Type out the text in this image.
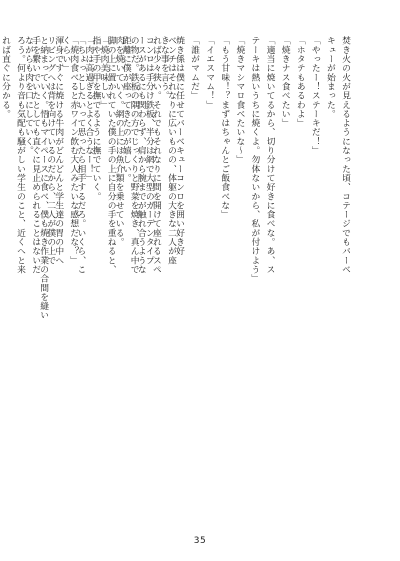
焚き火の火が見えるようになった頃、コテージでもバーベ
キューが始まった。
「やったー！ステーキだ！」
「ホタテもあるわよ」
「焼きナス食べたい」
「適当に焼いてるから、切り分けて好きに食べな。あ、ス
テーキは熱いうちに焼くよ。勿体ないから、私が付けよう」
「焼きマシマロ食べたいな～」
「もう甘味！？まずはちゃんとご飯食べな」
「イエスマム！」
「誰がマムだ」
焼き係は僕に任せてバーベキューコンロを囲い好き好
きな事を言う。
コンロは手分け鉄板、半分は網で大型のガーデンタイプ
の物だ。鉄板の隅の方でじっくりと野菜を焼き、真ん中で
肉を焼いていく。網の上には魚介類を乗せている。
「焼肉美味しい」
「肉は高過ぎるとよく合うなー！」
「焼肉食べると赤ワイン飲む大人みたいな感想だな？」
渾身ですぐに焼ける牛肉がどんどんと学生達の胃の中へ
と納まっていく。悟もマイペースに食べ、僕も焼き作業の合間を縫い
ながらも肉を口にしていく。	ベンチはそれなりに広いものの、体躯の大きな二人が座
れば少々狭い。それでもそれなりに間を開けて座れるスペ
ースがあるにも関わらず、肩から腕までが触れ合うような
距離に僕が座ってきたのが嬉しい。
脚の上に置かれていた僕の手の上に自分の手を重ねると、
指や手の甲を撫でるように撫でていく。
「ちょっとしたいって思ったら相手するだろ。いくら、こ
くらい」
リビングへは背を向けているのだから、二人が僕の上で
手を繋いでいたとしても直ぐに見止められることはないだ
ろう。何より音も気配も騒がしい学生のこと、近くへと来
れば直ぐに分かる。

35
